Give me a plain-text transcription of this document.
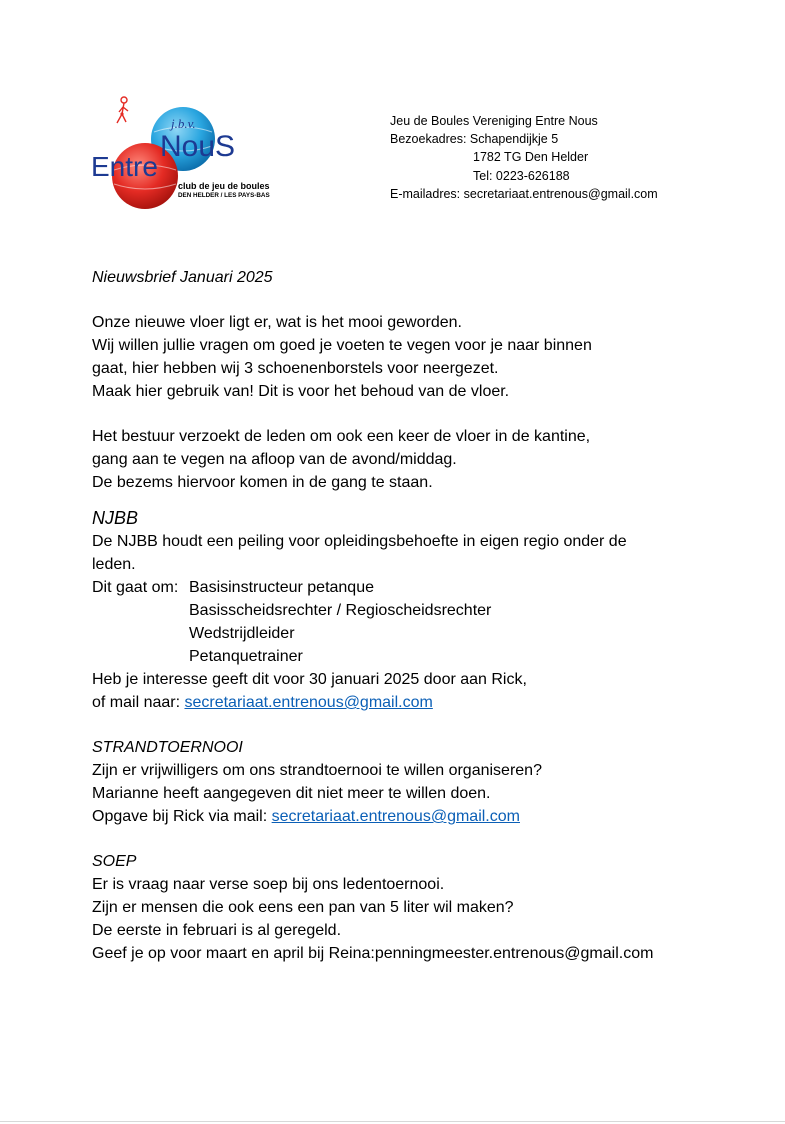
j.b.v.
NouS
Entre
club de jeu de boules
DEN HELDER / LES PAYS-BAS
Jeu de Boules Vereniging Entre Nous
Bezoekadres: Schapendijkje 5
1782 TG Den Helder
Tel: 0223-626188
E-mailadres: secretariaat.entrenous@gmail.com

Nieuwsbrief Januari 2025

Onze nieuwe vloer ligt er, wat is het mooi geworden.

Wij willen jullie vragen om goed je voeten te vegen voor je naar binnen

gaat, hier hebben wij 3 schoenenborstels voor neergezet.

Maak hier gebruik van! Dit is voor het behoud van de vloer.

Het bestuur verzoekt de leden om ook een keer de vloer in de kantine,

gang aan te vegen na afloop van de avond/middag.

De bezems hiervoor komen in de gang te staan.

NJBB

De NJBB houdt een peiling voor opleidingsbehoefte in eigen regio onder de

leden.

Dit gaat om: Basisinstructeur petanque

Basisscheidsrechter / Regioscheidsrechter

Wedstrijdleider

Petanquetrainer

Heb je interesse geeft dit voor 30 januari 2025 door aan Rick,

of mail naar: secretariaat.entrenous@gmail.com

STRANDTOERNOOI

Zijn er vrijwilligers om ons strandtoernooi te willen organiseren?

Marianne heeft aangegeven dit niet meer te willen doen.

Opgave bij Rick via mail: secretariaat.entrenous@gmail.com

SOEP

Er is vraag naar verse soep bij ons ledentoernooi.

Zijn er mensen die ook eens een pan van 5 liter wil maken?

De eerste in februari is al geregeld.

Geef je op voor maart en april bij Reina:penningmeester.entrenous@gmail.com
